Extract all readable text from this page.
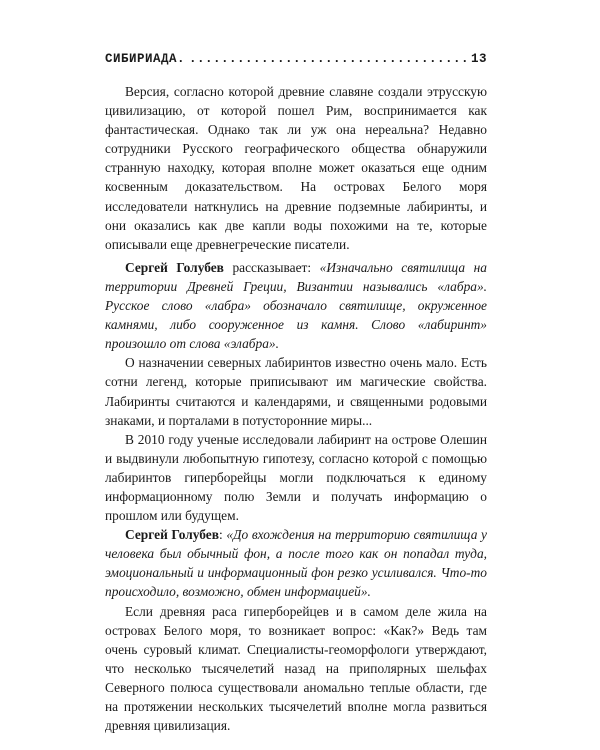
СИБИРИАДА.
.....	13

Версия, согласно которой древние славяне создали этрусскую цивилизацию, от которой пошел Рим, воспринимается как фантастическая. Однако так ли уж она нереальна? Недавно сотрудники Русского географического общества обнаружили странную находку, которая вполне может оказаться еще одним косвенным доказательством. На островах Белого моря исследователи наткнулись на древние подземные лабиринты, и они оказались как две капли воды похожими на те, которые описывали еще древнегреческие писатели.

Сергей Голубев рассказывает: «Изначально святилища на территории Древней Греции, Византии назывались «лабра». Русское слово «лабра» обозначало святилище, окруженное камнями, либо сооруженное из камня. Слово «лабиринт» произошло от слова «элабра».

О назначении северных лабиринтов известно очень мало. Есть сотни легенд, которые приписывают им магические свойства. Лабиринты считаются и календарями, и священными родовыми знаками, и порталами в потусторонние миры...

В 2010 году ученые исследовали лабиринт на острове Олешин и выдвинули любопытную гипотезу, согласно которой с помощью лабиринтов гиперборейцы могли подключаться к единому информационному полю Земли и получать информацию о прошлом или будущем.

Сергей Голубев: «До вхождения на территорию святилища у человека был обычный фон, а после того как он попадал туда, эмоциональный и информационный фон резко усиливался. Что-то происходило, возможно, обмен информацией».

Если древняя раса гиперборейцев и в самом деле жила на островах Белого моря, то возникает вопрос: «Как?» Ведь там очень суровый климат. Специалисты-геоморфологи утверждают, что несколько тысячелетий назад на приполярных шельфах Северного полюса существовали аномально теплые области, где на протяжении нескольких тысячелетий вполне могла развиться древняя цивилизация.
